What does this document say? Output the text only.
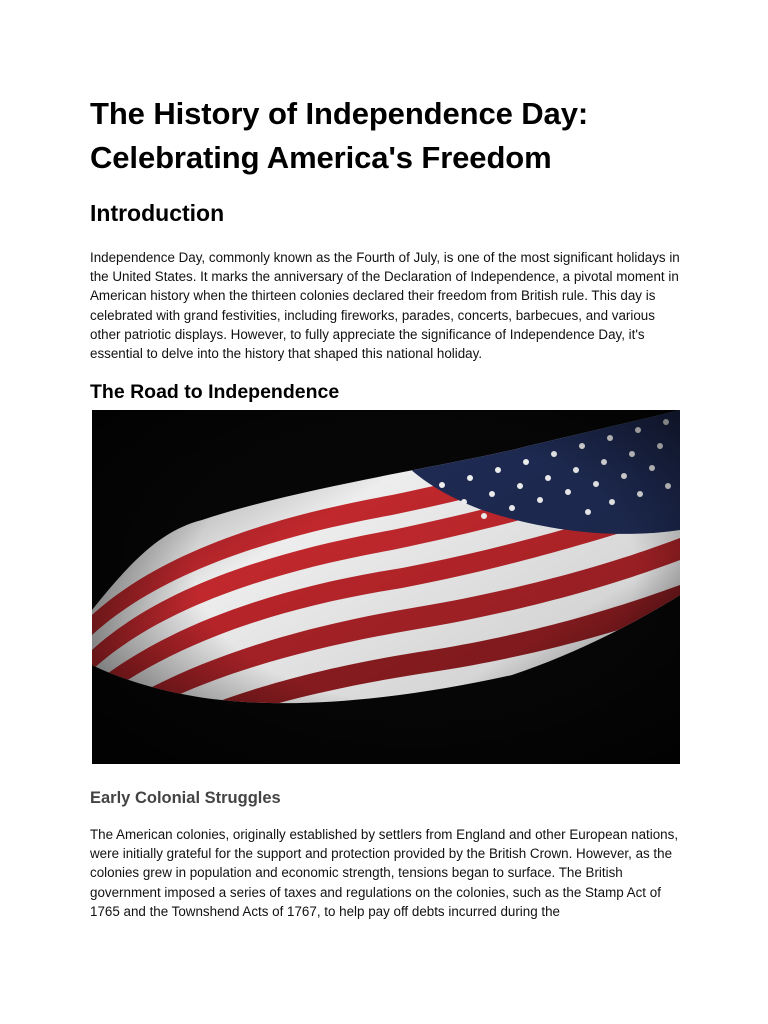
The History of Independence Day: Celebrating America's Freedom
Introduction

Independence Day, commonly known as the Fourth of July, is one of the most significant holidays in the United States. It marks the anniversary of the Declaration of Independence, a pivotal moment in American history when the thirteen colonies declared their freedom from British rule. This day is celebrated with grand festivities, including fireworks, parades, concerts, barbecues, and various other patriotic displays. However, to fully appreciate the significance of Independence Day, it's essential to delve into the history that shaped this national holiday.

The Road to Independence
Early Colonial Struggles

The American colonies, originally established by settlers from England and other European nations, were initially grateful for the support and protection provided by the British Crown. However, as the colonies grew in population and economic strength, tensions began to surface. The British government imposed a series of taxes and regulations on the colonies, such as the Stamp Act of 1765 and the Townshend Acts of 1767, to help pay off debts incurred during the
